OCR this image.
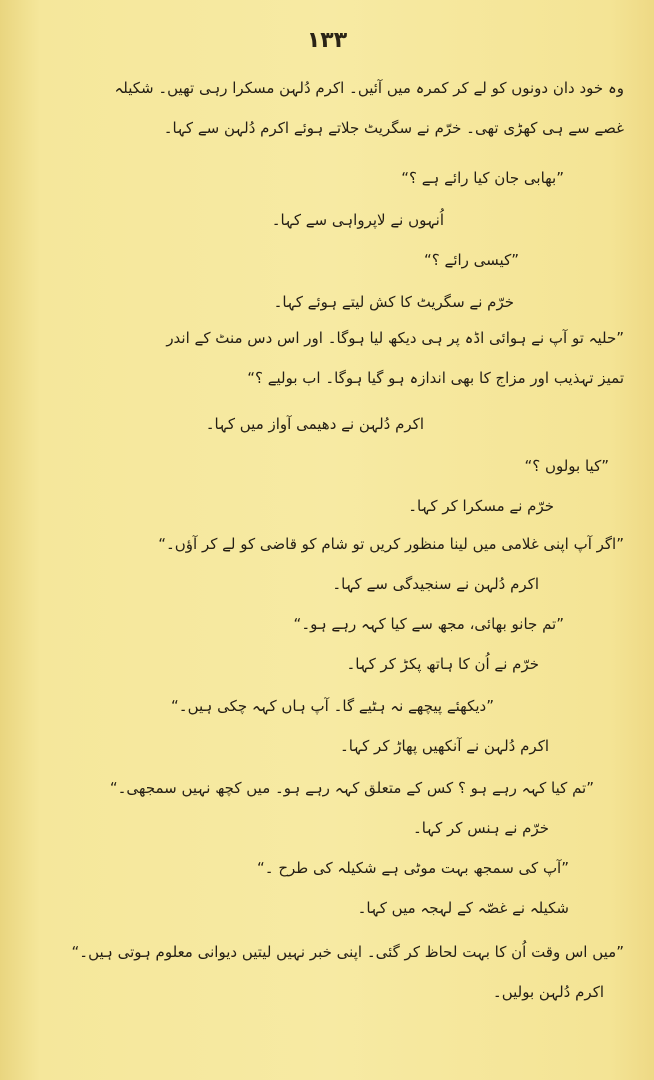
۱۳۳
وہ خود دان دونوں کو لے کر کمرہ میں آئیں۔ اکرم دُلہن مسکرا رہی تھیں۔ شکیلہ
غصے سے ہی کھڑی تھی۔ خرّم نے سگریٹ جلاتے ہوئے اکرم دُلہن سے کہا۔
”بھابی جان کیا رائے ہے ؟“
اُنہوں نے لاپرواہی سے کہا۔
”کیسی رائے ؟“
خرّم نے سگریٹ کا کش لیتے ہوئے کہا۔
”حلیہ تو آپ نے ہوائی اڈہ پر ہی دیکھ لیا ہوگا۔ اور اس دس منٹ کے اندر
تمیز تہذیب اور مزاج کا بھی اندازہ ہو گیا ہوگا۔ اب بولیے ؟“
اکرم دُلہن نے دھیمی آواز میں کہا۔
”کیا بولوں ؟“
خرّم نے مسکرا کر کہا۔
”اگر آپ اپنی غلامی میں لینا منظور کریں تو شام کو قاضی کو لے کر آؤں۔“
اکرم دُلہن نے سنجیدگی سے کہا۔
”تم جانو بھائی، مجھ سے کیا کہہ رہے ہو۔“
خرّم نے اُن کا ہاتھ پکڑ کر کہا۔
”دیکھئے پیچھے نہ ہٹیے گا۔ آپ ہاں کہہ چکی ہیں۔“
اکرم دُلہن نے آنکھیں پھاڑ کر کہا۔
”تم کیا کہہ رہے ہو ؟ کس کے متعلق کہہ رہے ہو۔ میں کچھ نہیں سمجھی۔“
خرّم نے ہنس کر کہا۔
”آپ کی سمجھ بہت موٹی ہے شکیلہ کی طرح ۔“
شکیلہ نے غصّہ کے لہجہ میں کہا۔
”میں اس وقت اُن کا بہت لحاظ کر گئی۔ اپنی خبر نہیں لیتیں دیوانی معلوم ہوتی ہیں۔“
اکرم دُلہن بولیں۔
